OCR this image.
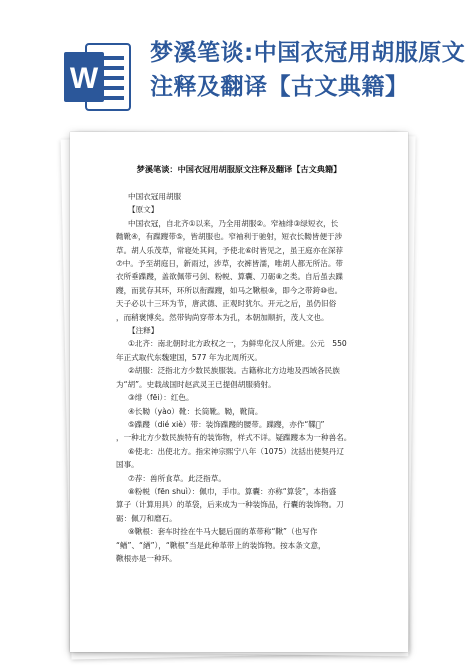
W
梦溪笔谈:中国衣冠用胡服原文注释及翻译【古文典籍】
梦溪笔谈：中国衣冠用胡服原文注释及翻译【古文典籍】

中国衣冠用胡服

【原文】

中国衣冠，自北齐①以来，乃全用胡服②。窄袖绯③绿短衣，长

靿靴④，有蹀躞带⑤，皆胡服也。窄袖利于驰射，短衣长靿皆便于涉

草。胡人乐茂草，常寝处其间，予使北⑥时皆见之，虽王庭亦在深荐

⑦中。予至胡庭日，新雨过，涉草，衣裤皆濡，唯胡人都无所沾。带

衣所垂蹀躞，盖欲佩带弓剑、粉帨、算囊、刀砺⑧之类。自后虽去蹀

躞，而犹存其环，环所以衔蹀躞，如马之鞦根⑨，即今之带銙⑩也。

天子必以十三环为节，唐武德、正观时犹尔。开元之后，虽仍旧俗

，而稍褒博矣。然带钩尚穿带本为孔，本朝加顺折，茂人文也。

【注释】

①北齐：南北朝时北方政权之一，为鲜卑化汉人所建。公元　550

年正式取代东魏建国，577 年为北周所灭。

②胡服：泛指北方少数民族服装。古籍称北方边地及西域各民族

为“胡”。史载战国时赵武灵王已提倡胡服骑射。

③绯（fēi）：红色。

④长靿（yào）靴：长筒靴。靿，靴筒。

⑤蹀躞（dié xiè）带：装饰蹀躞的腰带。蹀躞，亦作“鞢𩎟”

，一种北方少数民族特有的装饰物，样式不详。疑蹀躞本为一种兽名。

⑥使北：出使北方。指宋神宗熙宁八年（1075）沈括出使契丹辽

国事。

⑦荐：兽所食草。此泛指草。

⑧粉帨（fēn shuì）：佩巾，手巾。算囊：亦称“算袋”，本指盛

算子（计算用具）的革袋，后来成为一种装饰品，行囊的装饰物。刀

砺：佩刀和磨石。

⑨鞦根：套车时拴在牛马大腿后面的革带称“鞦”（也写作

“䲡”、“緧”），“鞦根”当是此种革带上的装饰物。按本条文意，

鞦根亦是一种环。
